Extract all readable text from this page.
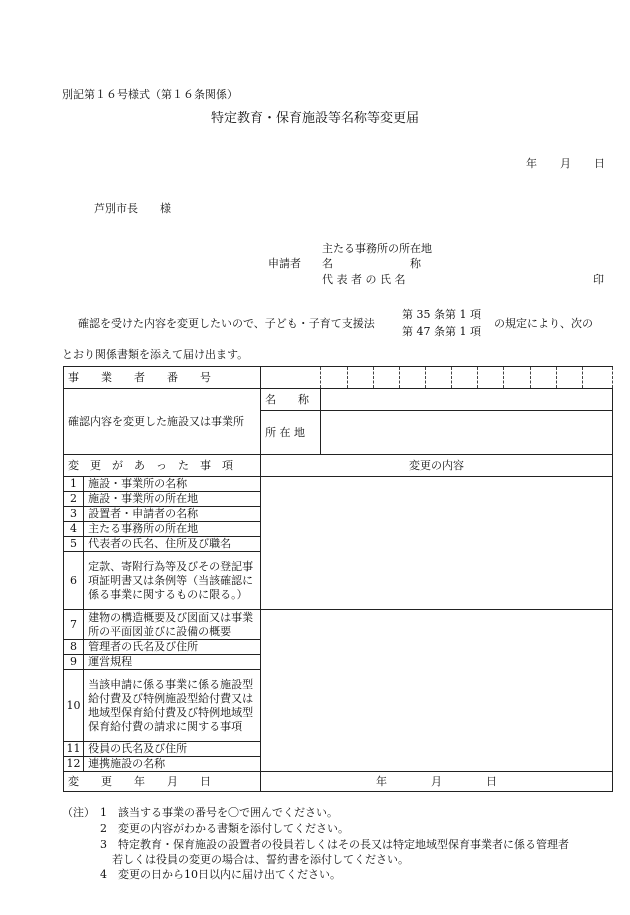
別記第１６号様式（第１６条関係）
特定教育・保育施設等名称等変更届
年 月 日
芦別市長　　様
主たる事務所の所在地
申請者 名　　　　　　　称
代 表 者 の 氏 名	印
確認を受けた内容を変更したいので、子ども・子育て支援法
第 35 条第 1 項
第 47 条第 1 項
の規定により、次の
とおり関係書類を添えて届け出ます。
事　　業　　者　　番　　号													
確認内容を変更した施設又は事業所		名　　称											
		所 在 地											
変　更　が　あ　っ　た　事　項		変更の内容											
1	施設・事業所の名称												
2	施設・事業所の所在地												
3	設置者・申請者の名称												
4	主たる事務所の所在地												
5	代表者の氏名、住所及び職名												
6	定款、寄附行為等及びその登記事項証明書又は条例等（当該確認に係る事業に関するものに限る。）												
7	建物の構造概要及び図面又は事業所の平面図並びに設備の概要												
8	管理者の氏名及び住所												
9	運営規程												
10	当該申請に係る事業に係る施設型給付費及び特例施設型給付費又は地域型保育給付費及び特例地域型保育給付費の請求に関する事項												
11	役員の氏名及び住所												
12	連携施設の名称												

変　　更　　年　　月　　日		年　　　　月　　　　日											
（注） 1　該当する事業の番号を〇で囲んでください。
2　変更の内容がわかる書類を添付してください。
3　特定教育・保育施設の設置者の役員若しくはその長又は特定地域型保育事業者に係る管理者
若しくは役員の変更の場合は、誓約書を添付してください。
4　変更の日から10日以内に届け出てください。
